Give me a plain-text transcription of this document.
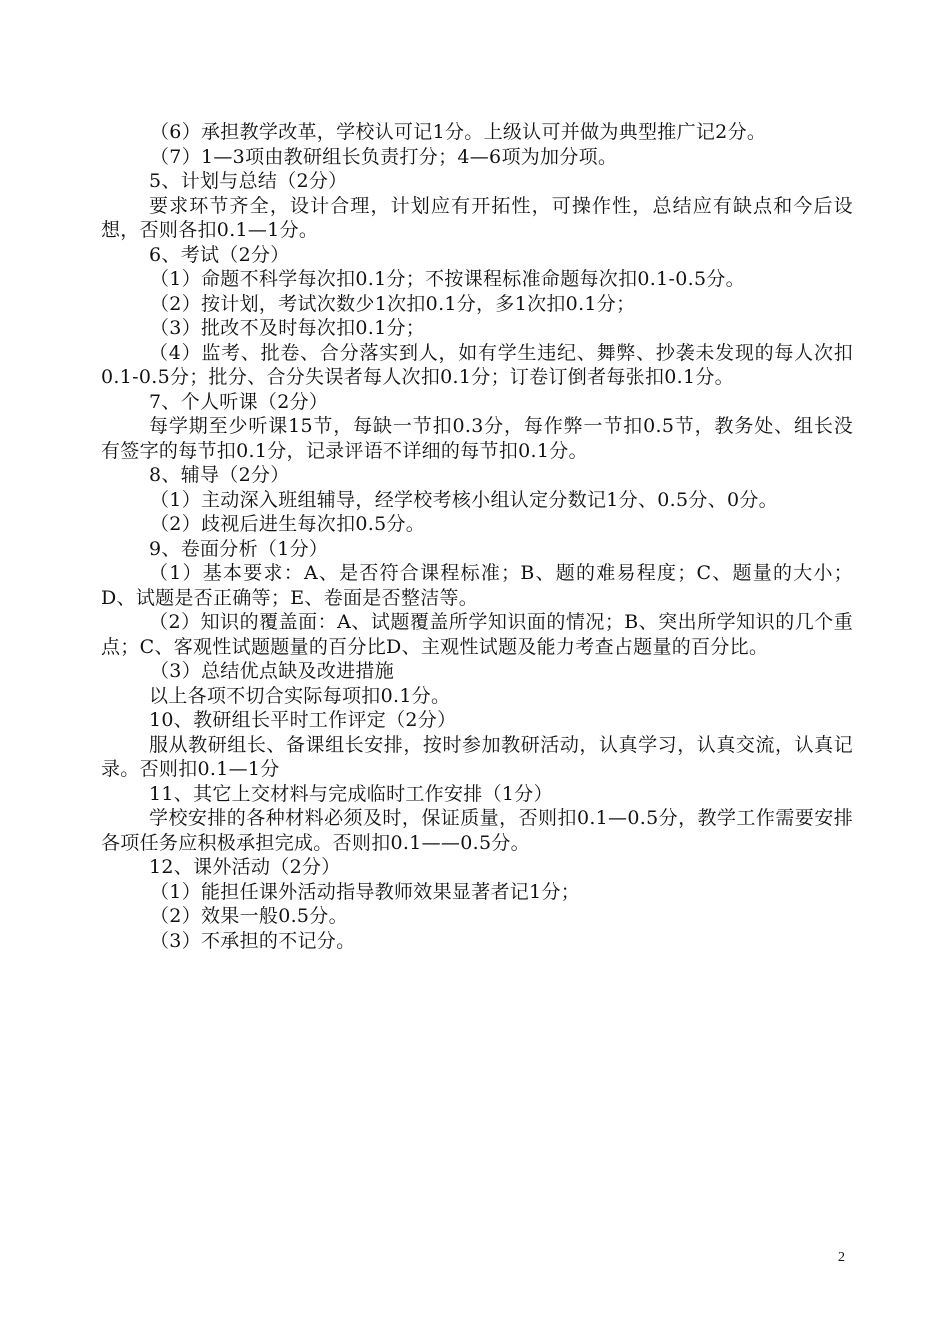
（6）承担教学改革，学校认可记1分。上级认可并做为典型推广记2分。

（7）1—3项由教研组长负责打分；4—6项为加分项。

5、计划与总结（2分）

要求环节齐全，设计合理，计划应有开拓性，可操作性，总结应有缺点和今后设想，否则各扣0.1—1分。

6、考试（2分）

（1）命题不科学每次扣0.1分；不按课程标准命题每次扣0.1-0.5分。

（2）按计划，考试次数少1次扣0.1分，多1次扣0.1分；

（3）批改不及时每次扣0.1分；

（4）监考、批卷、合分落实到人，如有学生违纪、舞弊、抄袭未发现的每人次扣0.1-0.5分；批分、合分失误者每人次扣0.1分；订卷订倒者每张扣0.1分。

7、个人听课（2分）

每学期至少听课15节，每缺一节扣0.3分，每作弊一节扣0.5节，教务处、组长没有签字的每节扣0.1分，记录评语不详细的每节扣0.1分。

8、辅导（2分）

（1）主动深入班组辅导，经学校考核小组认定分数记1分、0.5分、0分。

（2）歧视后进生每次扣0.5分。

9、卷面分析（1分）

（1）基本要求：A、是否符合课程标准；B、题的难易程度；C、题量的大小；D、试题是否正确等；E、卷面是否整洁等。

（2）知识的覆盖面：A、试题覆盖所学知识面的情况；B、突出所学知识的几个重点；C、客观性试题题量的百分比D、主观性试题及能力考查占题量的百分比。

（3）总结优点缺及改进措施

以上各项不切合实际每项扣0.1分。

10、教研组长平时工作评定（2分）

服从教研组长、备课组长安排，按时参加教研活动，认真学习，认真交流，认真记录。否则扣0.1—1分

11、其它上交材料与完成临时工作安排（1分）

学校安排的各种材料必须及时，保证质量，否则扣0.1—0.5分，教学工作需要安排各项任务应积极承担完成。否则扣0.1——0.5分。

12、课外活动（2分）

（1）能担任课外活动指导教师效果显著者记1分；

（2）效果一般0.5分。

（3）不承担的不记分。

2
